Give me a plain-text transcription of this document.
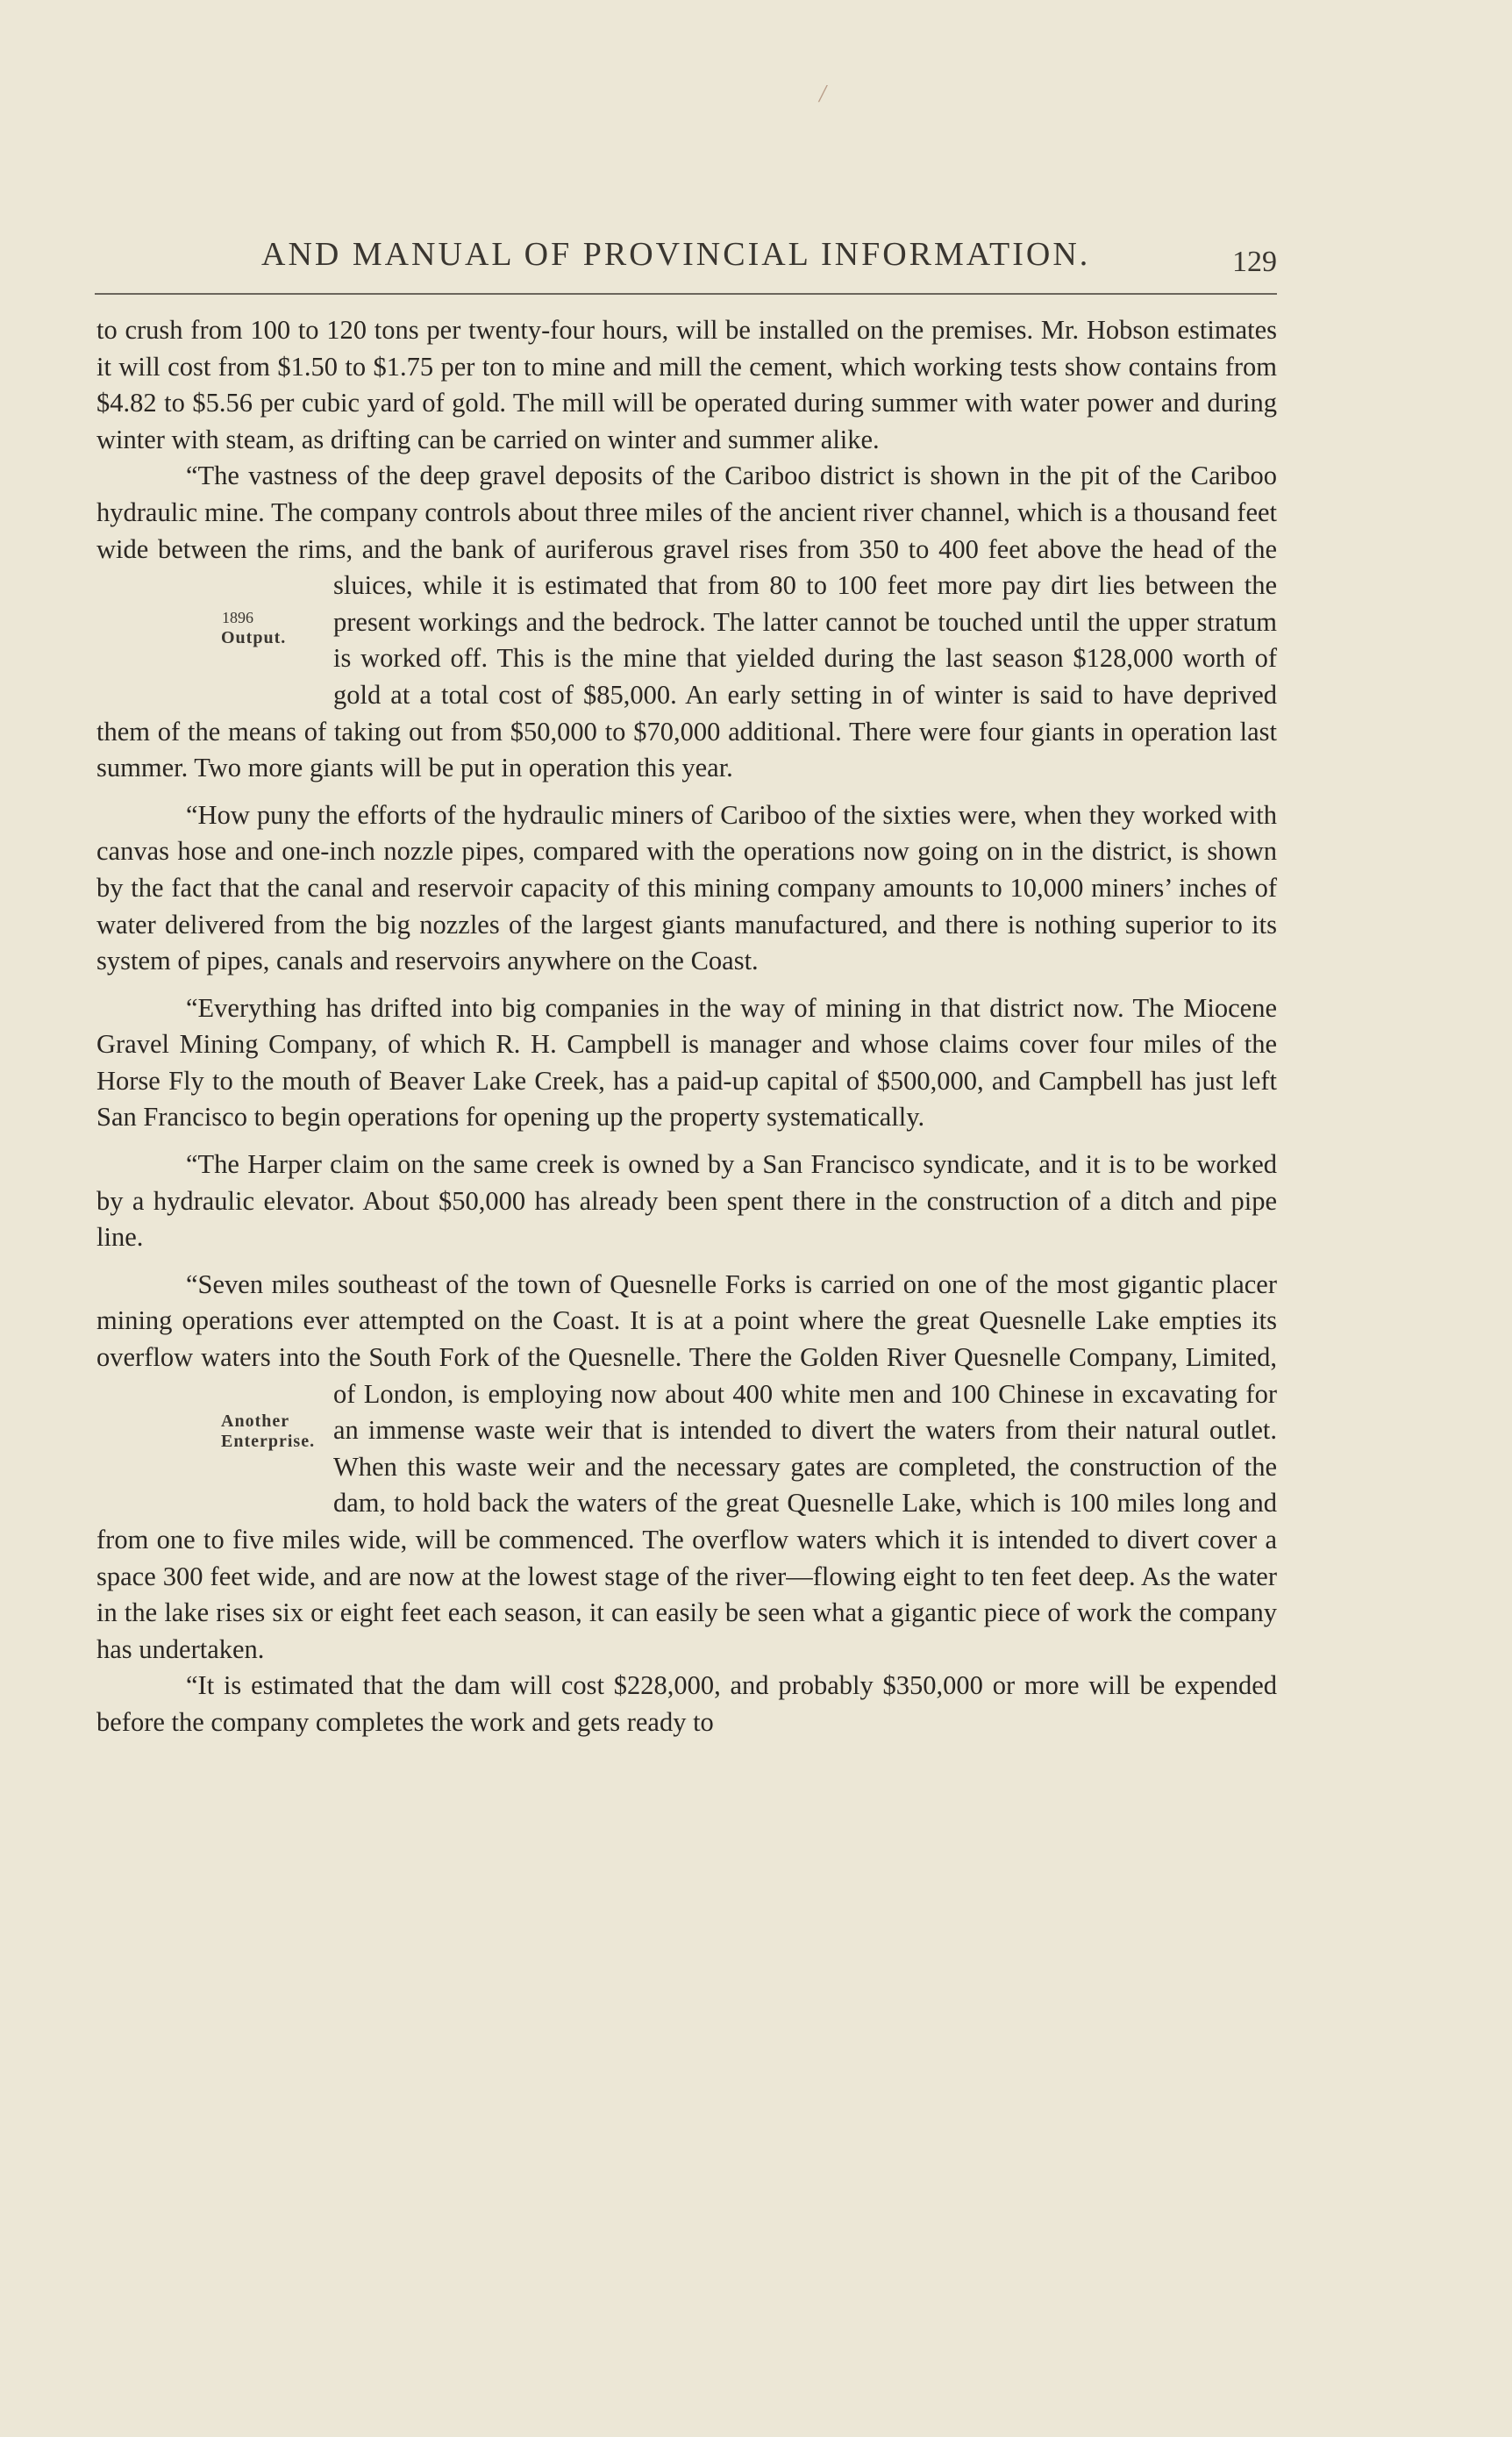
/
AND MANUAL OF PROVINCIAL INFORMATION.	129

to crush from 100 to 120 tons per twenty-four hours, will be installed on the premises. Mr. Hobson estimates it will cost from $1.50 to $1.75 per ton to mine and mill the cement, which working tests show contains from $4.82 to $5.56 per cubic yard of gold. The mill will be operated during summer with water power and during winter with steam, as drifting can be carried on winter and summer alike.

“The vastness of the deep gravel deposits of the Cariboo district is shown in the pit of the Cariboo hydraulic mine. The company controls about three miles of the ancient river channel, which is a thousand feet wide between the rims, and the bank of auriferous gravel rises from 350 to 400 feet above the head of the
1896
Output.
sluices, while it is estimated that from 80 to 100 feet more pay dirt lies between the present workings and the bedrock. The latter cannot be touched until the upper stratum is worked off. This is the mine that yielded during the last season $128,000 worth of gold at a total cost of $85,000. An early setting in of winter is said to have deprived them of the means of taking out from $50,000 to $70,000 additional. There were four giants in operation last summer. Two more giants will be put in operation this year.

“How puny the efforts of the hydraulic miners of Cariboo of the sixties were, when they worked with canvas hose and one-inch nozzle pipes, compared with the operations now going on in the district, is shown by the fact that the canal and reservoir capacity of this mining company amounts to 10,000 miners’ inches of water delivered from the big nozzles of the largest giants manufactured, and there is nothing superior to its system of pipes, canals and reservoirs anywhere on the Coast.

“Everything has drifted into big companies in the way of mining in that district now. The Miocene Gravel Mining Company, of which R. H. Campbell is manager and whose claims cover four miles of the Horse Fly to the mouth of Beaver Lake Creek, has a paid-up capital of $500,000, and Campbell has just left San Francisco to begin operations for opening up the property systematically.

“The Harper claim on the same creek is owned by a San Francisco syndicate, and it is to be worked by a hydraulic elevator. About $50,000 has already been spent there in the construction of a ditch and pipe line.

“Seven miles southeast of the town of Quesnelle Forks is carried on one of the most gigantic placer mining operations ever attempted on the Coast. It is at a point where the great Quesnelle Lake empties its overflow waters into the South Fork of the Quesnelle. There the Golden River Quesnelle Company, Limited, of London, is employing now about 400 white men and 100 Chinese in
Another
Enterprise.
excavating for an immense waste weir that is intended to divert the waters from their natural outlet. When this waste weir and the necessary gates are completed, the construction of the dam, to hold back the waters of the great Quesnelle Lake, which is 100 miles long and from one to five miles wide, will be commenced. The overflow waters which it is intended to divert cover a space 300 feet wide, and are now at the lowest stage of the river—flowing eight to ten feet deep. As the water in the lake rises six or eight feet each season, it can easily be seen what a gigantic piece of work the company has undertaken.

“It is estimated that the dam will cost $228,000, and probably $350,000 or more will be expended before the company completes the work and gets ready to
